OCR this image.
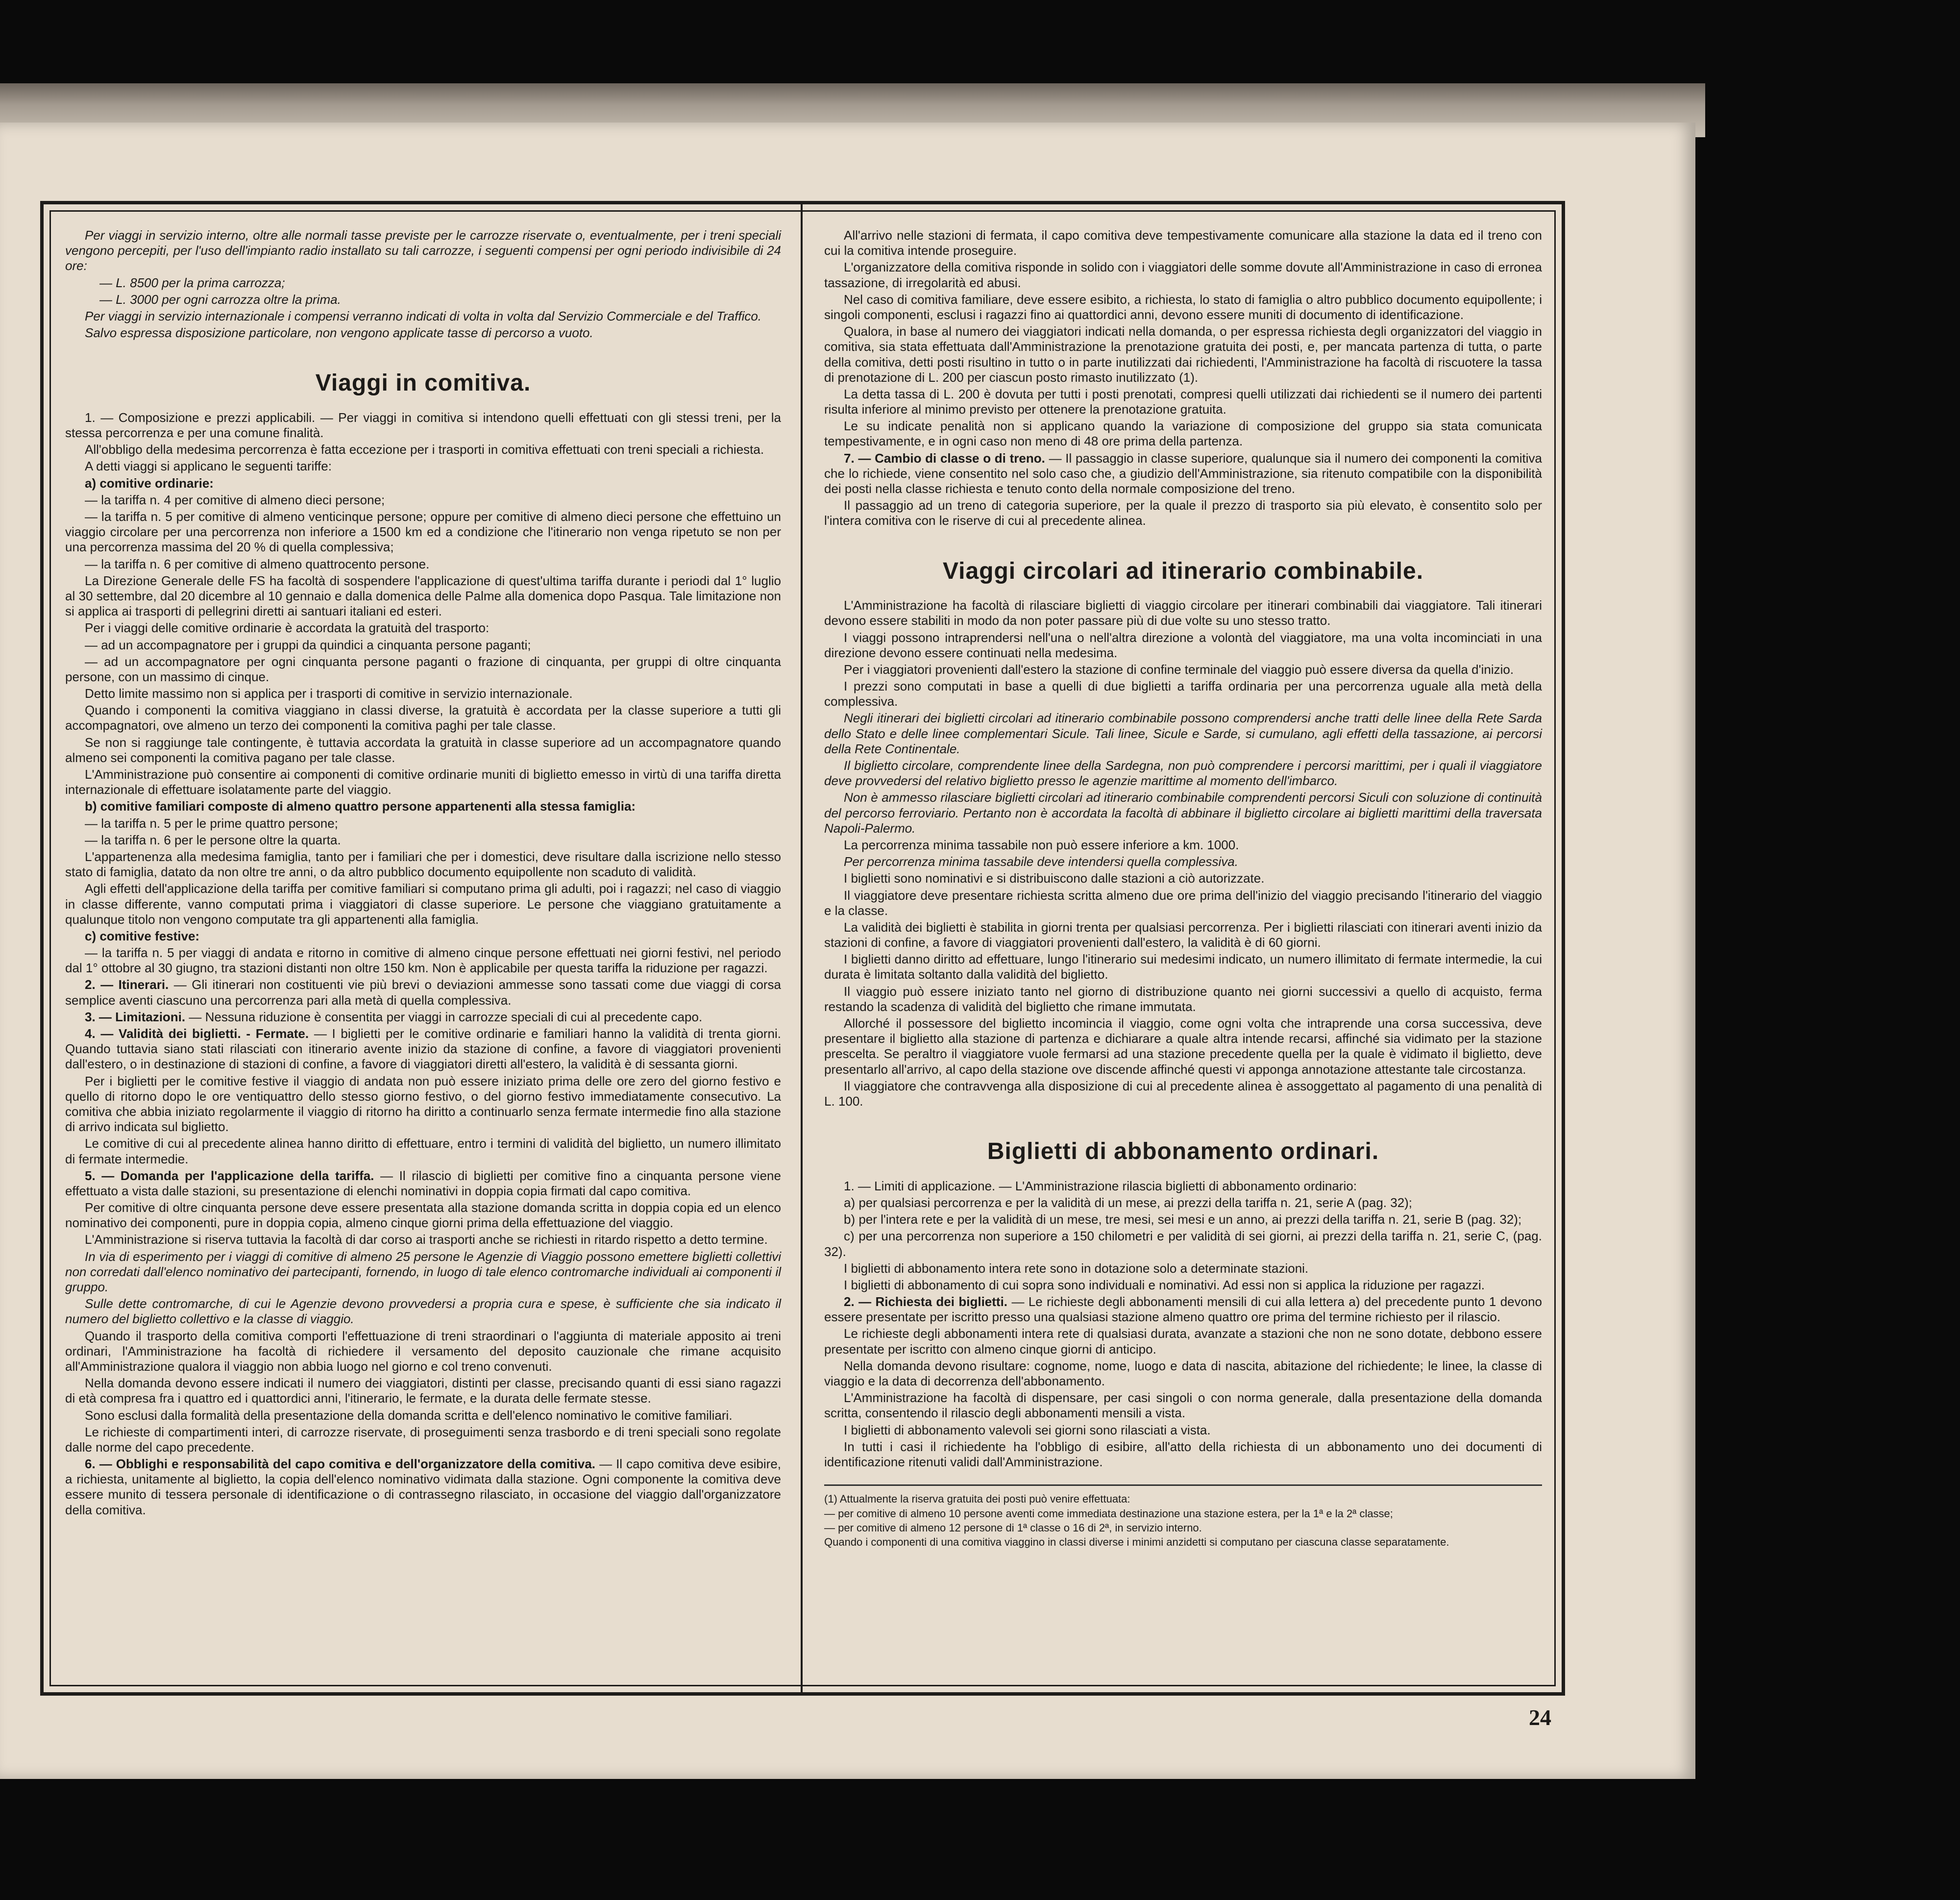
Per viaggi in servizio interno, oltre alle normali tasse previste per le carrozze riservate o, eventualmente, per i treni speciali vengono percepiti, per l'uso dell'impianto radio installato su tali carrozze, i seguenti compensi per ogni periodo indivisibile di 24 ore:

— L. 8500 per la prima carrozza;

— L. 3000 per ogni carrozza oltre la prima.

Per viaggi in servizio internazionale i compensi verranno indicati di volta in volta dal Servizio Commerciale e del Traffico.

Salvo espressa disposizione particolare, non vengono applicate tasse di percorso a vuoto.

Viaggi in comitiva.

1. — Composizione e prezzi applicabili. — Per viaggi in comitiva si intendono quelli effettuati con gli stessi treni, per la stessa percorrenza e per una comune finalità.

All'obbligo della medesima percorrenza è fatta eccezione per i trasporti in comitiva effettuati con treni speciali a richiesta.

A detti viaggi si applicano le seguenti tariffe:

a) comitive ordinarie:

— la tariffa n. 4 per comitive di almeno dieci persone;

— la tariffa n. 5 per comitive di almeno venticinque persone; oppure per comitive di almeno dieci persone che effettuino un viaggio circolare per una percorrenza non inferiore a 1500 km ed a condizione che l'itinerario non venga ripetuto se non per una percorrenza massima del 20 % di quella complessiva;

— la tariffa n. 6 per comitive di almeno quattrocento persone.

La Direzione Generale delle FS ha facoltà di sospendere l'applicazione di quest'ultima tariffa durante i periodi dal 1° luglio al 30 settembre, dal 20 dicembre al 10 gennaio e dalla domenica delle Palme alla domenica dopo Pasqua. Tale limitazione non si applica ai trasporti di pellegrini diretti ai santuari italiani ed esteri.

Per i viaggi delle comitive ordinarie è accordata la gratuità del trasporto:

— ad un accompagnatore per i gruppi da quindici a cinquanta persone paganti;

— ad un accompagnatore per ogni cinquanta persone paganti o frazione di cinquanta, per gruppi di oltre cinquanta persone, con un massimo di cinque.

Detto limite massimo non si applica per i trasporti di comitive in servizio internazionale.

Quando i componenti la comitiva viaggiano in classi diverse, la gratuità è accordata per la classe superiore a tutti gli accompagnatori, ove almeno un terzo dei componenti la comitiva paghi per tale classe.

Se non si raggiunge tale contingente, è tuttavia accordata la gratuità in classe superiore ad un accompagnatore quando almeno sei componenti la comitiva pagano per tale classe.

L'Amministrazione può consentire ai componenti di comitive ordinarie muniti di biglietto emesso in virtù di una tariffa diretta internazionale di effettuare isolatamente parte del viaggio.

b) comitive familiari composte di almeno quattro persone appartenenti alla stessa famiglia:

— la tariffa n. 5 per le prime quattro persone;

— la tariffa n. 6 per le persone oltre la quarta.

L'appartenenza alla medesima famiglia, tanto per i familiari che per i domestici, deve risultare dalla iscrizione nello stesso stato di famiglia, datato da non oltre tre anni, o da altro pubblico documento equipollente non scaduto di validità.

Agli effetti dell'applicazione della tariffa per comitive familiari si computano prima gli adulti, poi i ragazzi; nel caso di viaggio in classe differente, vanno computati prima i viaggiatori di classe superiore. Le persone che viaggiano gratuitamente a qualunque titolo non vengono computate tra gli appartenenti alla famiglia.

c) comitive festive:

— la tariffa n. 5 per viaggi di andata e ritorno in comitive di almeno cinque persone effettuati nei giorni festivi, nel periodo dal 1° ottobre al 30 giugno, tra stazioni distanti non oltre 150 km. Non è applicabile per questa tariffa la riduzione per ragazzi.

2. — Itinerari. — Gli itinerari non costituenti vie più brevi o deviazioni ammesse sono tassati come due viaggi di corsa semplice aventi ciascuno una percorrenza pari alla metà di quella complessiva.

3. — Limitazioni. — Nessuna riduzione è consentita per viaggi in carrozze speciali di cui al precedente capo.

4. — Validità dei biglietti. - Fermate. — I biglietti per le comitive ordinarie e familiari hanno la validità di trenta giorni. Quando tuttavia siano stati rilasciati con itinerario avente inizio da stazione di confine, a favore di viaggiatori provenienti dall'estero, o in destinazione di stazioni di confine, a favore di viaggiatori diretti all'estero, la validità è di sessanta giorni.

Per i biglietti per le comitive festive il viaggio di andata non può essere iniziato prima delle ore zero del giorno festivo e quello di ritorno dopo le ore ventiquattro dello stesso giorno festivo, o del giorno festivo immediatamente consecutivo. La comitiva che abbia iniziato regolarmente il viaggio di ritorno ha diritto a continuarlo senza fermate intermedie fino alla stazione di arrivo indicata sul biglietto.

Le comitive di cui al precedente alinea hanno diritto di effettuare, entro i termini di validità del biglietto, un numero illimitato di fermate intermedie.

5. — Domanda per l'applicazione della tariffa. — Il rilascio di biglietti per comitive fino a cinquanta persone viene effettuato a vista dalle stazioni, su presentazione di elenchi nominativi in doppia copia firmati dal capo comitiva.

Per comitive di oltre cinquanta persone deve essere presentata alla stazione domanda scritta in doppia copia ed un elenco nominativo dei componenti, pure in doppia copia, almeno cinque giorni prima della effettuazione del viaggio.

L'Amministrazione si riserva tuttavia la facoltà di dar corso ai trasporti anche se richiesti in ritardo rispetto a detto termine.

In via di esperimento per i viaggi di comitive di almeno 25 persone le Agenzie di Viaggio possono emettere biglietti collettivi non corredati dall'elenco nominativo dei partecipanti, fornendo, in luogo di tale elenco contromarche individuali ai componenti il gruppo.

Sulle dette contromarche, di cui le Agenzie devono provvedersi a propria cura e spese, è sufficiente che sia indicato il numero del biglietto collettivo e la classe di viaggio.

Quando il trasporto della comitiva comporti l'effettuazione di treni straordinari o l'aggiunta di materiale apposito ai treni ordinari, l'Amministrazione ha facoltà di richiedere il versamento del deposito cauzionale che rimane acquisito all'Amministrazione qualora il viaggio non abbia luogo nel giorno e col treno convenuti.

Nella domanda devono essere indicati il numero dei viaggiatori, distinti per classe, precisando quanti di essi siano ragazzi di età compresa fra i quattro ed i quattordici anni, l'itinerario, le fermate, e la durata delle fermate stesse.

Sono esclusi dalla formalità della presentazione della domanda scritta e dell'elenco nominativo le comitive familiari.

Le richieste di compartimenti interi, di carrozze riservate, di proseguimenti senza trasbordo e di treni speciali sono regolate dalle norme del capo precedente.

6. — Obblighi e responsabilità del capo comitiva e dell'organizzatore della comitiva. — Il capo comitiva deve esibire, a richiesta, unitamente al biglietto, la copia dell'elenco nominativo vidimata dalla stazione. Ogni componente la comitiva deve essere munito di tessera personale di identificazione o di contrassegno rilasciato, in occasione del viaggio dall'organizzatore della comitiva.

All'arrivo nelle stazioni di fermata, il capo comitiva deve tempestivamente comunicare alla stazione la data ed il treno con cui la comitiva intende proseguire.

L'organizzatore della comitiva risponde in solido con i viaggiatori delle somme dovute all'Amministrazione in caso di erronea tassazione, di irregolarità ed abusi.

Nel caso di comitiva familiare, deve essere esibito, a richiesta, lo stato di famiglia o altro pubblico documento equipollente; i singoli componenti, esclusi i ragazzi fino ai quattordici anni, devono essere muniti di documento di identificazione.

Qualora, in base al numero dei viaggiatori indicati nella domanda, o per espressa richiesta degli organizzatori del viaggio in comitiva, sia stata effettuata dall'Amministrazione la prenotazione gratuita dei posti, e, per mancata partenza di tutta, o parte della comitiva, detti posti risultino in tutto o in parte inutilizzati dai richiedenti, l'Amministrazione ha facoltà di riscuotere la tassa di prenotazione di L. 200 per ciascun posto rimasto inutilizzato (1).

La detta tassa di L. 200 è dovuta per tutti i posti prenotati, compresi quelli utilizzati dai richiedenti se il numero dei partenti risulta inferiore al minimo previsto per ottenere la prenotazione gratuita.

Le su indicate penalità non si applicano quando la variazione di composizione del gruppo sia stata comunicata tempestivamente, e in ogni caso non meno di 48 ore prima della partenza.

7. — Cambio di classe o di treno. — Il passaggio in classe superiore, qualunque sia il numero dei componenti la comitiva che lo richiede, viene consentito nel solo caso che, a giudizio dell'Amministrazione, sia ritenuto compatibile con la disponibilità dei posti nella classe richiesta e tenuto conto della normale composizione del treno.

Il passaggio ad un treno di categoria superiore, per la quale il prezzo di trasporto sia più elevato, è consentito solo per l'intera comitiva con le riserve di cui al precedente alinea.

Viaggi circolari ad itinerario combinabile.

L'Amministrazione ha facoltà di rilasciare biglietti di viaggio circolare per itinerari combinabili dai viaggiatore. Tali itinerari devono essere stabiliti in modo da non poter passare più di due volte su uno stesso tratto.

I viaggi possono intraprendersi nell'una o nell'altra direzione a volontà del viaggiatore, ma una volta incominciati in una direzione devono essere continuati nella medesima.

Per i viaggiatori provenienti dall'estero la stazione di confine terminale del viaggio può essere diversa da quella d'inizio.

I prezzi sono computati in base a quelli di due biglietti a tariffa ordinaria per una percorrenza uguale alla metà della complessiva.

Negli itinerari dei biglietti circolari ad itinerario combinabile possono comprendersi anche tratti delle linee della Rete Sarda dello Stato e delle linee complementari Sicule. Tali linee, Sicule e Sarde, si cumulano, agli effetti della tassazione, ai percorsi della Rete Continentale.

Il biglietto circolare, comprendente linee della Sardegna, non può comprendere i percorsi marittimi, per i quali il viaggiatore deve provvedersi del relativo biglietto presso le agenzie marittime al momento dell'imbarco.

Non è ammesso rilasciare biglietti circolari ad itinerario combinabile comprendenti percorsi Siculi con soluzione di continuità del percorso ferroviario. Pertanto non è accordata la facoltà di abbinare il biglietto circolare ai biglietti marittimi della traversata Napoli-Palermo.

La percorrenza minima tassabile non può essere inferiore a km. 1000.

Per percorrenza minima tassabile deve intendersi quella complessiva.

I biglietti sono nominativi e si distribuiscono dalle stazioni a ciò autorizzate.

Il viaggiatore deve presentare richiesta scritta almeno due ore prima dell'inizio del viaggio precisando l'itinerario del viaggio e la classe.

La validità dei biglietti è stabilita in giorni trenta per qualsiasi percorrenza. Per i biglietti rilasciati con itinerari aventi inizio da stazioni di confine, a favore di viaggiatori provenienti dall'estero, la validità è di 60 giorni.

I biglietti danno diritto ad effettuare, lungo l'itinerario sui medesimi indicato, un numero illimitato di fermate intermedie, la cui durata è limitata soltanto dalla validità del biglietto.

Il viaggio può essere iniziato tanto nel giorno di distribuzione quanto nei giorni successivi a quello di acquisto, ferma restando la scadenza di validità del biglietto che rimane immutata.

Allorché il possessore del biglietto incomincia il viaggio, come ogni volta che intraprende una corsa successiva, deve presentare il biglietto alla stazione di partenza e dichiarare a quale altra intende recarsi, affinché sia vidimato per la stazione prescelta. Se peraltro il viaggiatore vuole fermarsi ad una stazione precedente quella per la quale è vidimato il biglietto, deve presentarlo all'arrivo, al capo della stazione ove discende affinché questi vi apponga annotazione attestante tale circostanza.

Il viaggiatore che contravvenga alla disposizione di cui al precedente alinea è assoggettato al pagamento di una penalità di L. 100.

Biglietti di abbonamento ordinari.

1. — Limiti di applicazione. — L'Amministrazione rilascia biglietti di abbonamento ordinario:

a) per qualsiasi percorrenza e per la validità di un mese, ai prezzi della tariffa n. 21, serie A (pag. 32);

b) per l'intera rete e per la validità di un mese, tre mesi, sei mesi e un anno, ai prezzi della tariffa n. 21, serie B (pag. 32);

c) per una percorrenza non superiore a 150 chilometri e per validità di sei giorni, ai prezzi della tariffa n. 21, serie C, (pag. 32).

I biglietti di abbonamento intera rete sono in dotazione solo a determinate stazioni.

I biglietti di abbonamento di cui sopra sono individuali e nominativi. Ad essi non si applica la riduzione per ragazzi.

2. — Richiesta dei biglietti. — Le richieste degli abbonamenti mensili di cui alla lettera a) del precedente punto 1 devono essere presentate per iscritto presso una qualsiasi stazione almeno quattro ore prima del termine richiesto per il rilascio.

Le richieste degli abbonamenti intera rete di qualsiasi durata, avanzate a stazioni che non ne sono dotate, debbono essere presentate per iscritto con almeno cinque giorni di anticipo.

Nella domanda devono risultare: cognome, nome, luogo e data di nascita, abitazione del richiedente; le linee, la classe di viaggio e la data di decorrenza dell'abbonamento.

L'Amministrazione ha facoltà di dispensare, per casi singoli o con norma generale, dalla presentazione della domanda scritta, consentendo il rilascio degli abbonamenti mensili a vista.

I biglietti di abbonamento valevoli sei giorni sono rilasciati a vista.

In tutti i casi il richiedente ha l'obbligo di esibire, all'atto della richiesta di un abbonamento uno dei documenti di identificazione ritenuti validi dall'Amministrazione.

(1) Attualmente la riserva gratuita dei posti può venire effettuata:

— per comitive di almeno 10 persone aventi come immediata destinazione una stazione estera, per la 1ª e la 2ª classe;

— per comitive di almeno 12 persone di 1ª classe o 16 di 2ª, in servizio interno.

Quando i componenti di una comitiva viaggino in classi diverse i minimi anzidetti si computano per ciascuna classe separatamente.

24
